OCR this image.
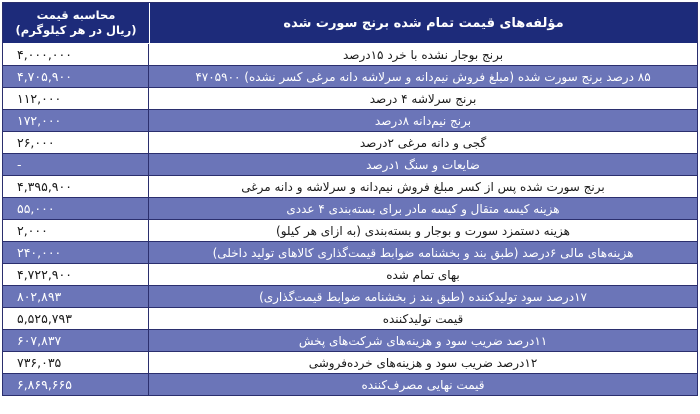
محاسبه قیمت
(ریال در هر کیلوگرم)	مؤلفه‌های قیمت تمام شده برنج سورت شده
۴,۰۰۰,۰۰۰	برنج بوجار نشده با خرد ۱۵درصد
۴,۷۰۵,۹۰۰	۸۵ درصد برنج سورت شده (مبلغ فروش نیم‌دانه و سرلاشه دانه مرغی کسر نشده) ۴۷۰۵۹۰۰
۱۱۲,۰۰۰	برنج سرلاشه ۴ درصد
۱۷۲,۰۰۰	برنج نیم‌دانه ۸درصد
۲۶,۰۰۰	گجی و دانه مرغی ۲درصد
-	ضایعات و سنگ ۱درصد
۴,۳۹۵,۹۰۰	برنج سورت شده پس از کسر مبلغ فروش نیم‌دانه و سرلاشه و دانه مرغی
۵۵,۰۰۰	هزینه کیسه متقال و کیسه مادر برای بسته‌بندی ۴ عددی
۲,۰۰۰	هزینه دستمزد سورت و بوجار و بسته‌بندی (به ازای هر کیلو)
۲۴۰,۰۰۰	هزینه‌های مالی ۶درصد (طبق بند و بخشنامه ضوابط قیمت‌گذاری کالاهای تولید داخلی)
۴,۷۲۲,۹۰۰	بهای تمام شده
۸۰۲,۸۹۳	۱۷درصد سود تولیدکننده (طبق بند ز بخشنامه ضوابط قیمت‌گذاری)
۵,۵۲۵,۷۹۳	قیمت تولیدکننده
۶۰۷,۸۳۷	۱۱درصد ضریب سود و هزینه‌های شرکت‌های پخش
۷۳۶,۰۳۵	۱۲درصد ضریب سود و هزینه‌های خرده‌فروشی
۶,۸۶۹,۶۶۵	قیمت نهایی مصرف‌کننده
